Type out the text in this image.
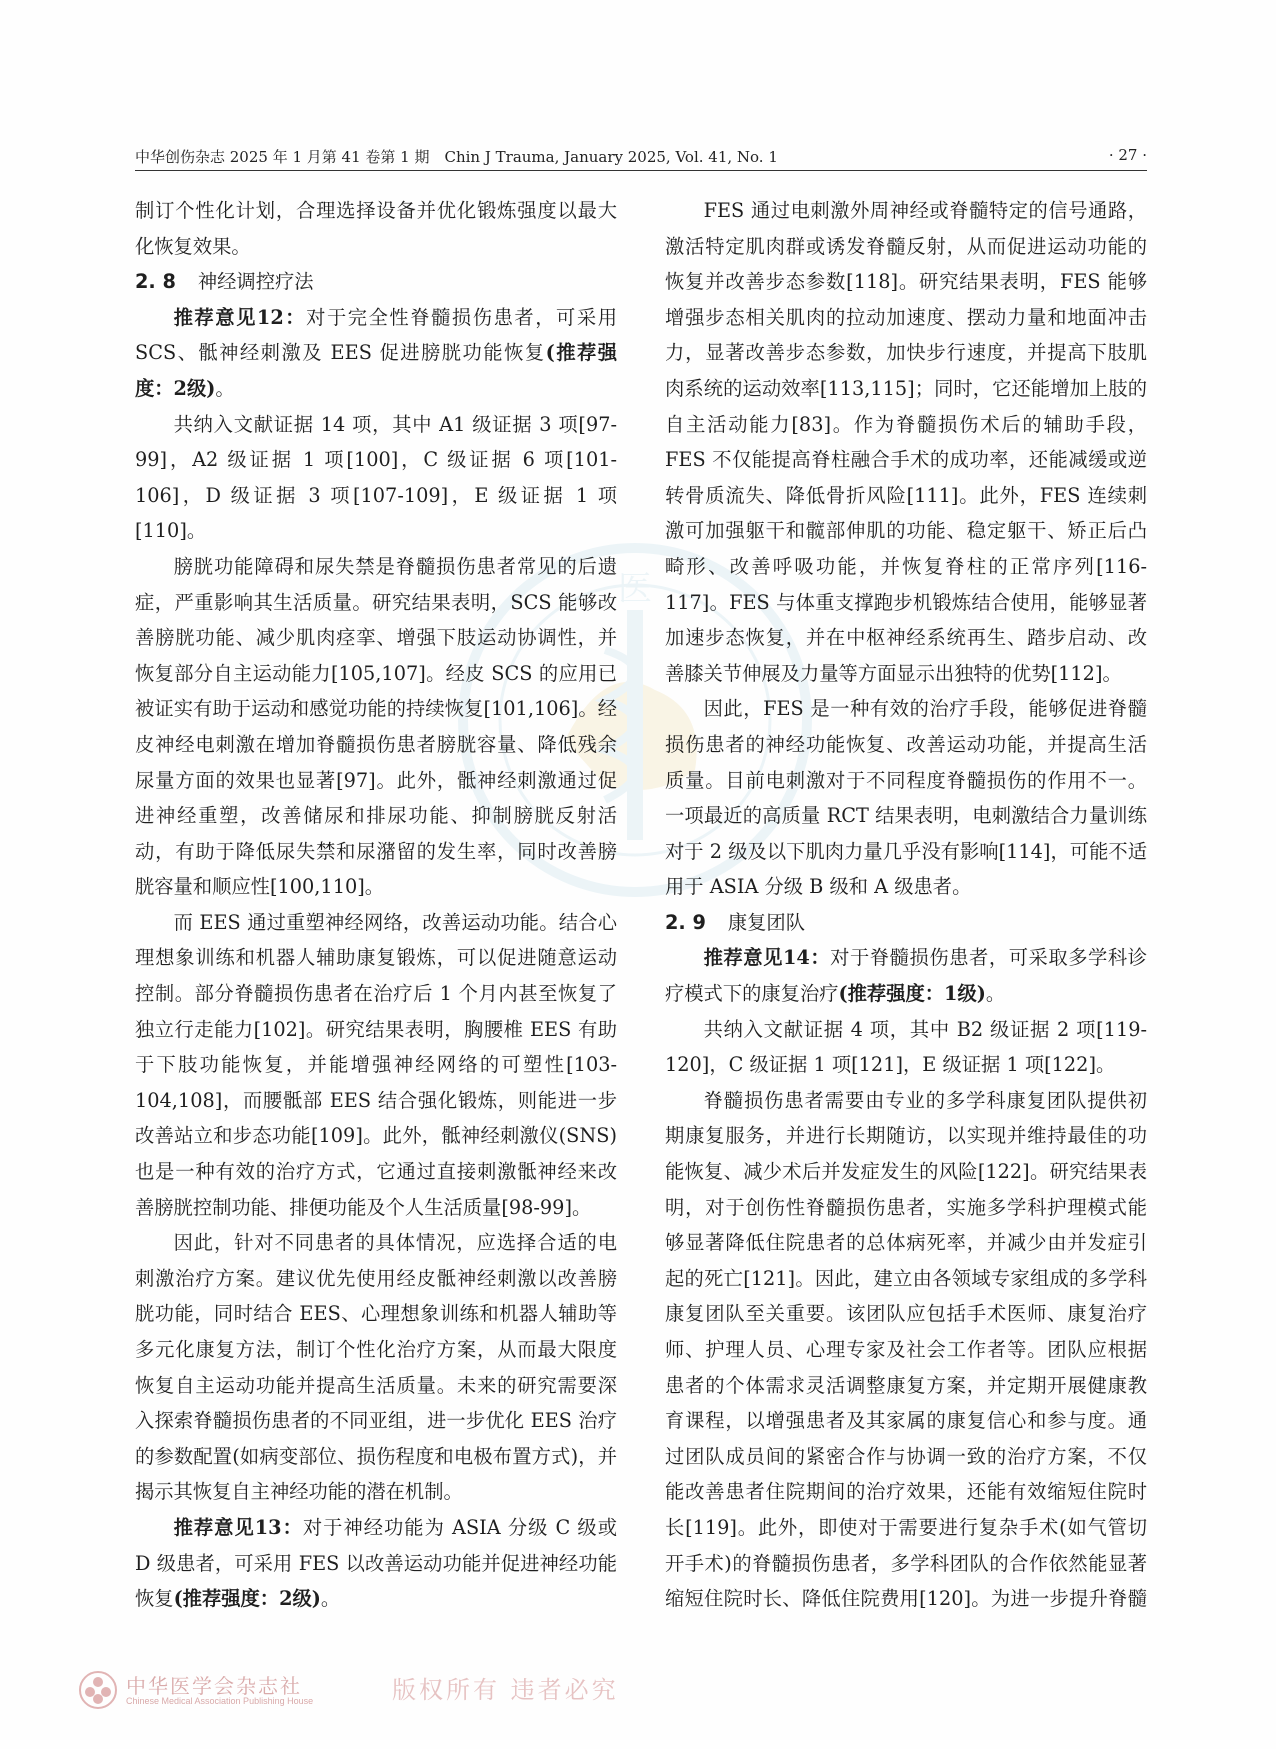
中华创伤杂志 2025 年 1 月第 41 卷第 1 期　Chin J Trauma, January 2025, Vol. 41, No. 1	· 27 ·
医

制订个性化计划，合理选择设备并优化锻炼强度以最大化恢复效果。

2. 8 神经调控疗法

推荐意见12：对于完全性脊髓损伤患者，可采用 SCS、骶神经刺激及 EES 促进膀胱功能恢复(推荐强度：2级)。

共纳入文献证据 14 项，其中 A1 级证据 3 项[97-99]，A2 级证据 1 项[100]，C 级证据 6 项[101-106]，D 级证据 3 项[107-109]，E 级证据 1 项[110]。

膀胱功能障碍和尿失禁是脊髓损伤患者常见的后遗症，严重影响其生活质量。研究结果表明，SCS 能够改善膀胱功能、减少肌肉痉挛、增强下肢运动协调性，并恢复部分自主运动能力[105,107]。经皮 SCS 的应用已被证实有助于运动和感觉功能的持续恢复[101,106]。经皮神经电刺激在增加脊髓损伤患者膀胱容量、降低残余尿量方面的效果也显著[97]。此外，骶神经刺激通过促进神经重塑，改善储尿和排尿功能、抑制膀胱反射活动，有助于降低尿失禁和尿潴留的发生率，同时改善膀胱容量和顺应性[100,110]。

而 EES 通过重塑神经网络，改善运动功能。结合心理想象训练和机器人辅助康复锻炼，可以促进随意运动控制。部分脊髓损伤患者在治疗后 1 个月内甚至恢复了独立行走能力[102]。研究结果表明，胸腰椎 EES 有助于下肢功能恢复，并能增强神经网络的可塑性[103-104,108]，而腰骶部 EES 结合强化锻炼，则能进一步改善站立和步态功能[109]。此外，骶神经刺激仪(SNS)也是一种有效的治疗方式，它通过直接刺激骶神经来改善膀胱控制功能、排便功能及个人生活质量[98-99]。

因此，针对不同患者的具体情况，应选择合适的电刺激治疗方案。建议优先使用经皮骶神经刺激以改善膀胱功能，同时结合 EES、心理想象训练和机器人辅助等多元化康复方法，制订个性化治疗方案，从而最大限度恢复自主运动功能并提高生活质量。未来的研究需要深入探索脊髓损伤患者的不同亚组，进一步优化 EES 治疗的参数配置(如病变部位、损伤程度和电极布置方式)，并揭示其恢复自主神经功能的潜在机制。

推荐意见13：对于神经功能为 ASIA 分级 C 级或 D 级患者，可采用 FES 以改善运动功能并促进神经功能恢复(推荐强度：2级)。

FES 通过电刺激外周神经或脊髓特定的信号通路，激活特定肌肉群或诱发脊髓反射，从而促进运动功能的恢复并改善步态参数[118]。研究结果表明，FES 能够增强步态相关肌肉的拉动加速度、摆动力量和地面冲击力，显著改善步态参数，加快步行速度，并提高下肢肌肉系统的运动效率[113,115]；同时，它还能增加上肢的自主活动能力[83]。作为脊髓损伤术后的辅助手段，FES 不仅能提高脊柱融合手术的成功率，还能减缓或逆转骨质流失、降低骨折风险[111]。此外，FES 连续刺激可加强躯干和髋部伸肌的功能、稳定躯干、矫正后凸畸形、改善呼吸功能，并恢复脊柱的正常序列[116-117]。FES 与体重支撑跑步机锻炼结合使用，能够显著加速步态恢复，并在中枢神经系统再生、踏步启动、改善膝关节伸展及力量等方面显示出独特的优势[112]。

因此，FES 是一种有效的治疗手段，能够促进脊髓损伤患者的神经功能恢复、改善运动功能，并提高生活质量。目前电刺激对于不同程度脊髓损伤的作用不一。一项最近的高质量 RCT 结果表明，电刺激结合力量训练对于 2 级及以下肌肉力量几乎没有影响[114]，可能不适用于 ASIA 分级 B 级和 A 级患者。

2. 9 康复团队

推荐意见14：对于脊髓损伤患者，可采取多学科诊疗模式下的康复治疗(推荐强度：1级)。

共纳入文献证据 4 项，其中 B2 级证据 2 项[119-120]，C 级证据 1 项[121]，E 级证据 1 项[122]。

脊髓损伤患者需要由专业的多学科康复团队提供初期康复服务，并进行长期随访，以实现并维持最佳的功能恢复、减少术后并发症发生的风险[122]。研究结果表明，对于创伤性脊髓损伤患者，实施多学科护理模式能够显著降低住院患者的总体病死率，并减少由并发症引起的死亡[121]。因此，建立由各领域专家组成的多学科康复团队至关重要。该团队应包括手术医师、康复治疗师、护理人员、心理专家及社会工作者等。团队应根据患者的个体需求灵活调整康复方案，并定期开展健康教育课程，以增强患者及其家属的康复信心和参与度。通过团队成员间的紧密合作与协调一致的治疗方案，不仅能改善患者住院期间的治疗效果，还能有效缩短住院时长[119]。此外，即使对于需要进行复杂手术(如气管切开手术)的脊髓损伤患者，多学科团队的合作依然能显著缩短住院时长、降低住院费用[120]。为进一步提升脊髓

中华医学会杂志社
Chinese Medical Association Publishing House	版权所有 违者必究
